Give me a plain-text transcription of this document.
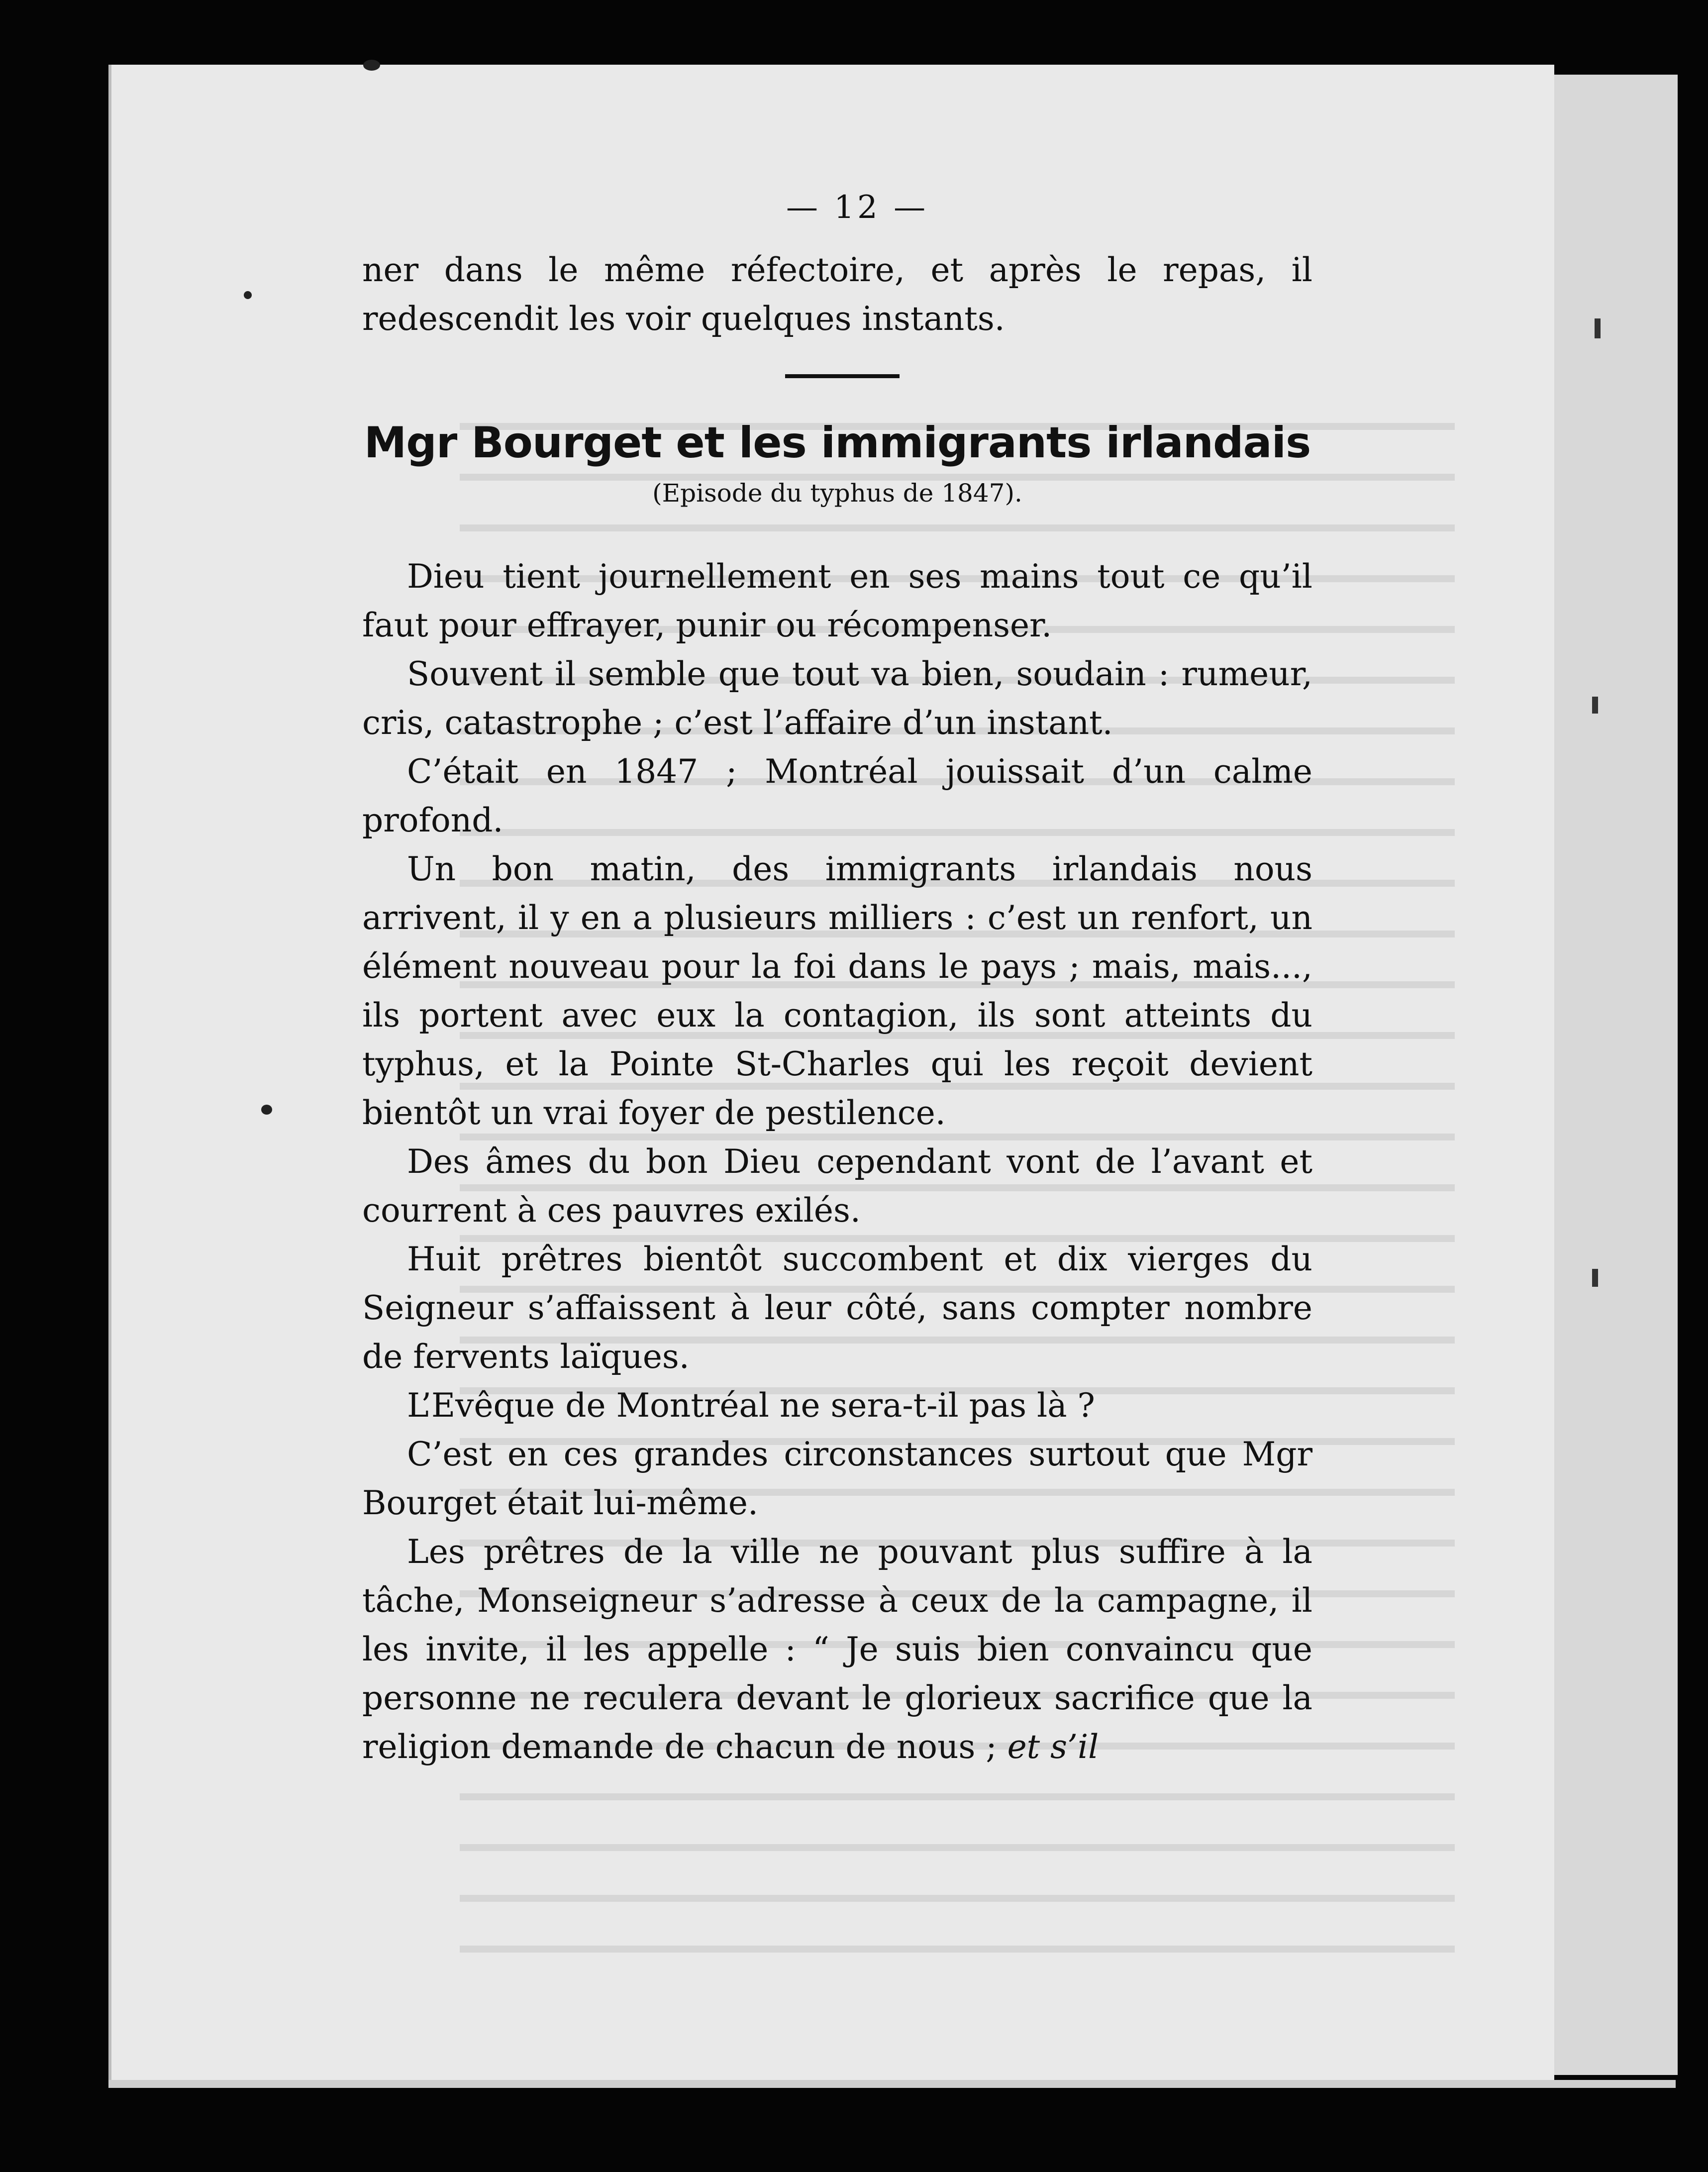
— 12 —

ner dans le même réfectoire, et après le repas, il redescendit les voir quelques instants.

Mgr Bourget et les immigrants irlandais

(Episode du typhus de 1847).

Dieu tient journellement en ses mains tout ce qu’il faut pour effrayer, punir ou récompenser.

Souvent il semble que tout va bien, soudain : rumeur, cris, catastrophe ; c’est l’affaire d’un instant.

C’était en 1847 ; Montréal jouissait d’un calme profond.

Un bon matin, des immigrants irlandais nous arrivent, il y en a plusieurs milliers : c’est un renfort, un élément nouveau pour la foi dans le pays ; mais, mais..., ils portent avec eux la contagion, ils sont atteints du typhus, et la Pointe St-Charles qui les reçoit devient bientôt un vrai foyer de pestilence.

Des âmes du bon Dieu cependant vont de l’avant et courrent à ces pauvres exilés.

Huit prêtres bientôt succombent et dix vierges du Seigneur s’affaissent à leur côté, sans compter nombre de fervents laïques.

L’Evêque de Montréal ne sera-t-il pas là ?

C’est en ces grandes circonstances surtout que Mgr Bourget était lui-même.

Les prêtres de la ville ne pouvant plus suffire à la tâche, Monseigneur s’adresse à ceux de la campagne, il les invite, il les appelle : “ Je suis bien convaincu que personne ne reculera devant le glorieux sacrifice que la religion demande de chacun de nous ; et s’il
